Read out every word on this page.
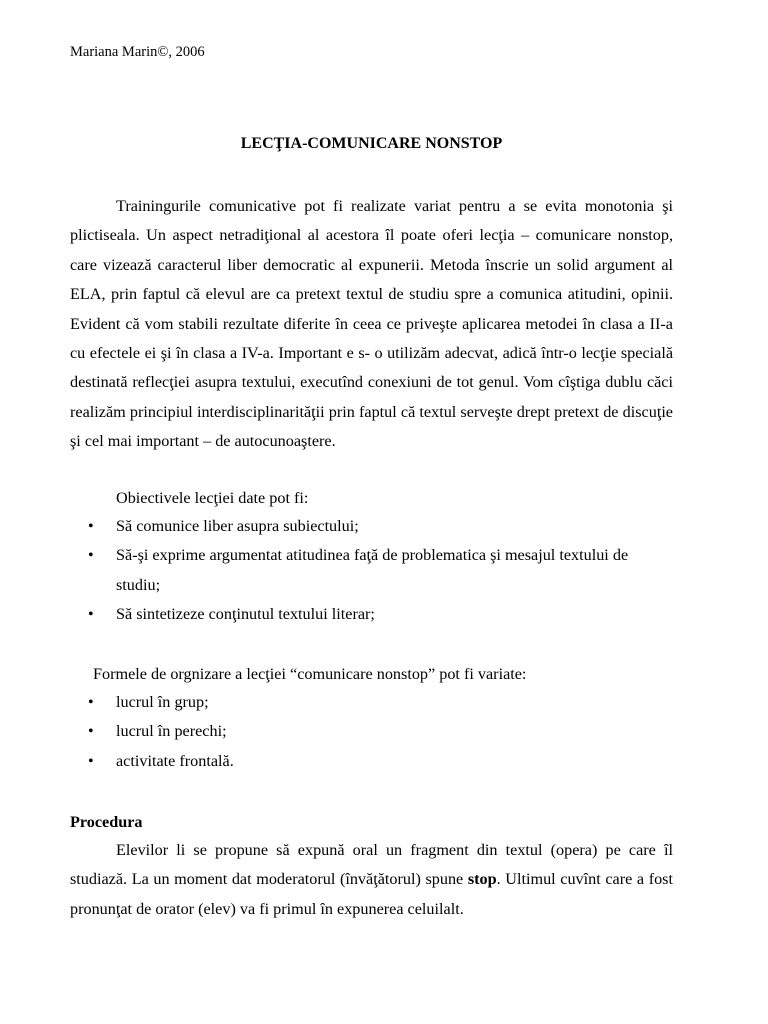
Mariana Marin©, 2006
LECŢIA-COMUNICARE NONSTOP

Trainingurile comunicative pot fi realizate variat pentru a se evita monotonia şi plictiseala. Un aspect netradiţional al acestora îl poate oferi lecţia – comunicare nonstop, care vizează caracterul liber democratic al expunerii. Metoda înscrie un solid argument al ELA, prin faptul că elevul are ca pretext textul de studiu spre a comunica atitudini, opinii. Evident că vom stabili rezultate diferite în ceea ce priveşte aplicarea metodei în clasa a II-a cu efectele ei şi în clasa a IV-a. Important e s- o utilizăm adecvat, adică într-o lecţie specială destinată reflecţiei asupra textului, executînd conexiuni de tot genul. Vom cîştiga dublu căci realizăm principiul interdisciplinarităţii prin faptul că textul serveşte drept pretext de discuţie şi cel mai important – de autocunoaştere.

Obiectivele lecţiei date pot fi:
• Să comunice liber asupra subiectului;
• Să-şi exprime argumentat atitudinea faţă de problematica şi mesajul textului de studiu;
• Să sintetizeze conţinutul textului literar;
Formele de orgnizare a lecţiei “comunicare nonstop” pot fi variate:
• lucrul în grup;
• lucrul în perechi;
• activitate frontală.
Procedura

Elevilor li se propune să expună oral un fragment din textul (opera) pe care îl studiază. La un moment dat moderatorul (învăţătorul) spune stop. Ultimul cuvînt care a fost pronunţat de orator (elev) va fi primul în expunerea celuilalt.
